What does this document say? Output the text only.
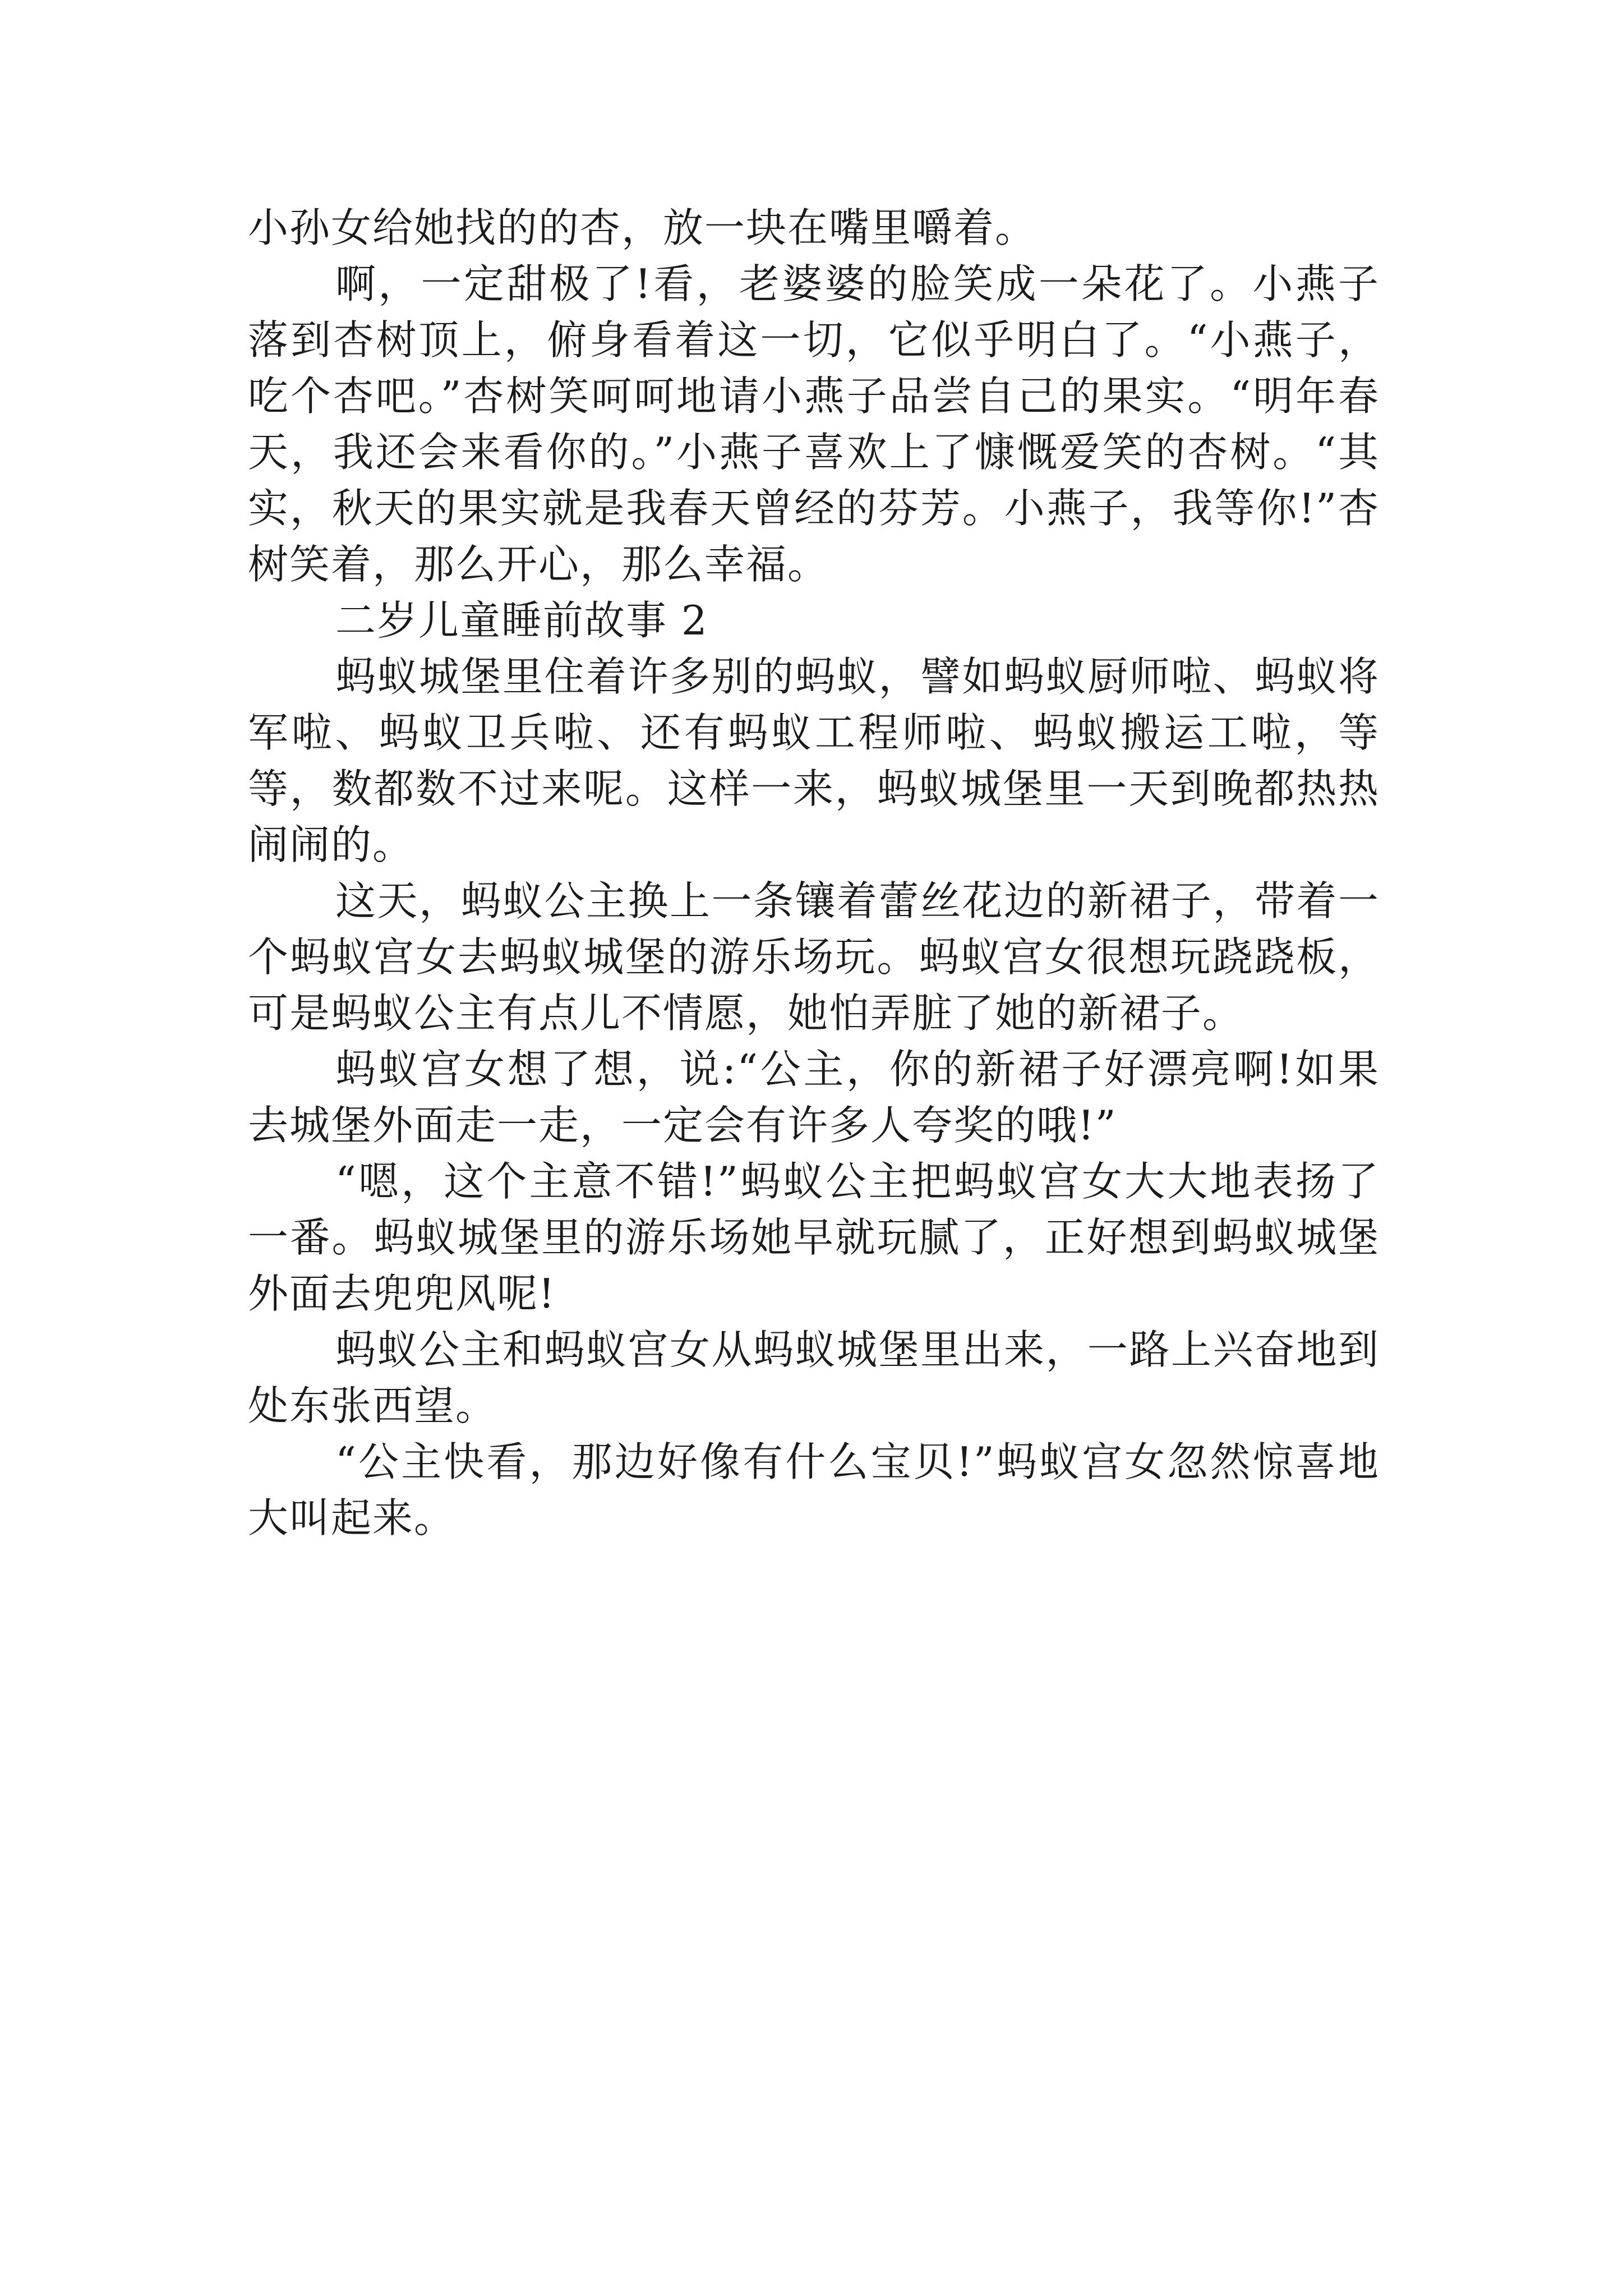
小孙女给她找的的杏，放一块在嘴里嚼着。

啊，一定甜极了!看，老婆婆的脸笑成一朵花了。小燕子落到杏树顶上，俯身看着这一切，它似乎明白了。“小燕子，吃个杏吧。”杏树笑呵呵地请小燕子品尝自己的果实。“明年春天，我还会来看你的。”小燕子喜欢上了慷慨爱笑的杏树。“其实，秋天的果实就是我春天曾经的芬芳。小燕子，我等你!”杏树笑着，那么开心，那么幸福。

二岁儿童睡前故事 2

蚂蚁城堡里住着许多别的蚂蚁，譬如蚂蚁厨师啦、蚂蚁将军啦、蚂蚁卫兵啦、还有蚂蚁工程师啦、蚂蚁搬运工啦，等等，数都数不过来呢。这样一来，蚂蚁城堡里一天到晚都热热闹闹的。

这天，蚂蚁公主换上一条镶着蕾丝花边的新裙子，带着一个蚂蚁宫女去蚂蚁城堡的游乐场玩。蚂蚁宫女很想玩跷跷板，可是蚂蚁公主有点儿不情愿，她怕弄脏了她的新裙子。

蚂蚁宫女想了想，说:“公主，你的新裙子好漂亮啊!如果去城堡外面走一走，一定会有许多人夸奖的哦!”

“嗯，这个主意不错!”蚂蚁公主把蚂蚁宫女大大地表扬了一番。蚂蚁城堡里的游乐场她早就玩腻了，正好想到蚂蚁城堡外面去兜兜风呢!

蚂蚁公主和蚂蚁宫女从蚂蚁城堡里出来，一路上兴奋地到处东张西望。

“公主快看，那边好像有什么宝贝!”蚂蚁宫女忽然惊喜地大叫起来。
